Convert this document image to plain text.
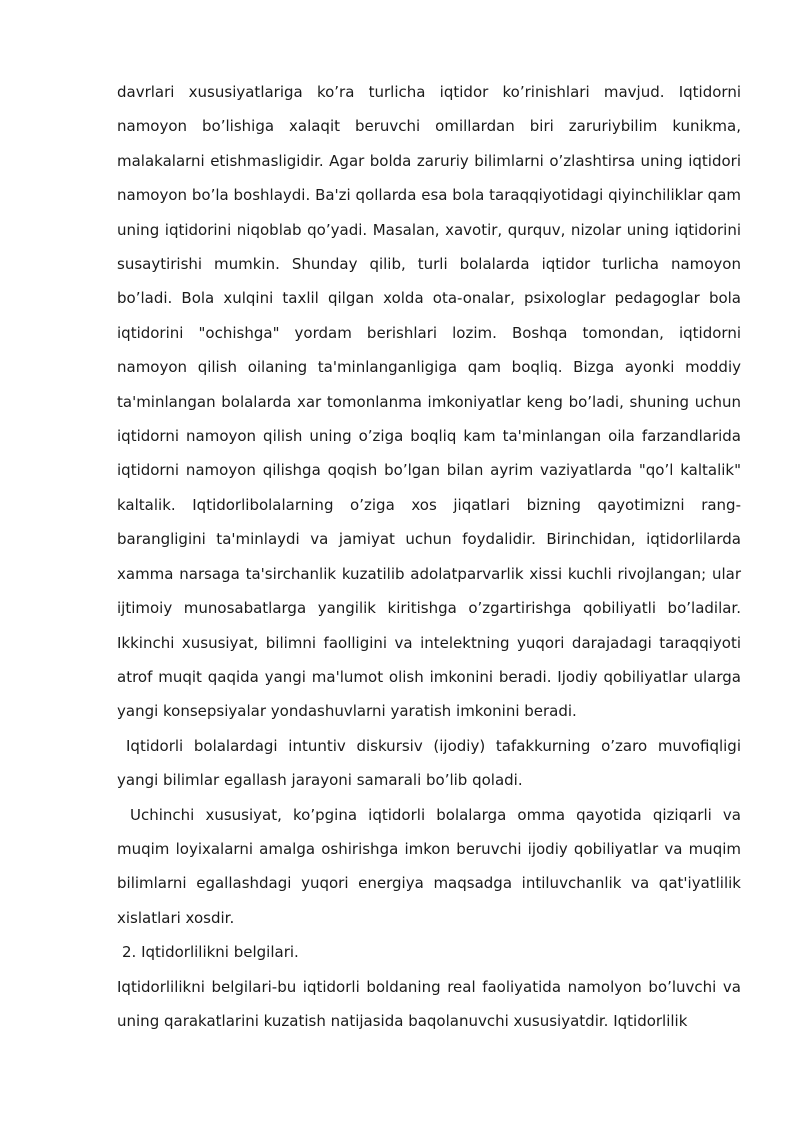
davrlari xususiyatlariga ko’ra turlicha iqtidor ko’rinishlari mavjud. Iqtidorni namoyon bo’lishiga xalaqit beruvchi omillardan biri zaruriybilim kunikma, malakalarni etishmasligidir. Agar bolda zaruriy bilimlarni o’zlashtirsa uning iqtidori namoyon bo’la boshlaydi. Ba'zi qollarda esa bola taraqqiyotidagi qiyinchiliklar qam uning iqtidorini niqoblab qo’yadi. Masalan, xavotir, qurquv, nizolar uning iqtidorini susaytirishi mumkin. Shunday qilib, turli bolalarda iqtidor turlicha namoyon bo’ladi. Bola xulqini taxlil qilgan xolda ota-onalar, psixologlar pedagoglar bola iqtidorini "ochishga" yordam berishlari lozim. Boshqa tomondan, iqtidorni namoyon qilish oilaning ta'minlanganligiga qam boqliq. Bizga ayonki moddiy ta'minlangan bolalarda xar tomonlanma imkoniyatlar keng bo’ladi, shuning uchun iqtidorni namoyon qilish uning o’ziga boqliq kam ta'minlangan oila farzandlarida iqtidorni namoyon qilishga qoqish bo’lgan bilan ayrim vaziyatlarda "qo’l kaltalik" kaltalik. Iqtidorlibolalarning o’ziga xos jiqatlari bizning qayotimizni rang-barangligini ta'minlaydi va jamiyat uchun foydalidir. Birinchidan, iqtidorlilarda xamma narsaga ta'sirchanlik kuzatilib adolatparvarlik xissi kuchli rivojlangan; ular ijtimoiy munosabatlarga yangilik kiritishga o’zgartirishga qobiliyatli bo’ladilar. Ikkinchi xususiyat, bilimni faolligini va intelektning yuqori darajadagi taraqqiyoti atrof muqit qaqida yangi ma'lumot olish imkonini beradi. Ijodiy qobiliyatlar ularga yangi konsepsiyalar yondashuvlarni yaratish imkonini beradi.

Iqtidorli bolalardagi intuntiv diskursiv (ijodiy) tafakkurning o’zaro muvofiqligi yangi bilimlar egallash jarayoni samarali bo’lib qoladi.

Uchinchi xususiyat, ko’pgina iqtidorli bolalarga omma qayotida qiziqarli va muqim loyixalarni amalga oshirishga imkon beruvchi ijodiy qobiliyatlar va muqim bilimlarni egallashdagi yuqori energiya maqsadga intiluvchanlik va qat'iyatlilik xislatlari xosdir.

2. Iqtidorlilikni belgilari.

Iqtidorlilikni belgilari-bu iqtidorli boldaning real faoliyatida namolyon bo’luvchi va uning qarakatlarini kuzatish natijasida baqolanuvchi xususiyatdir. Iqtidorlilik
